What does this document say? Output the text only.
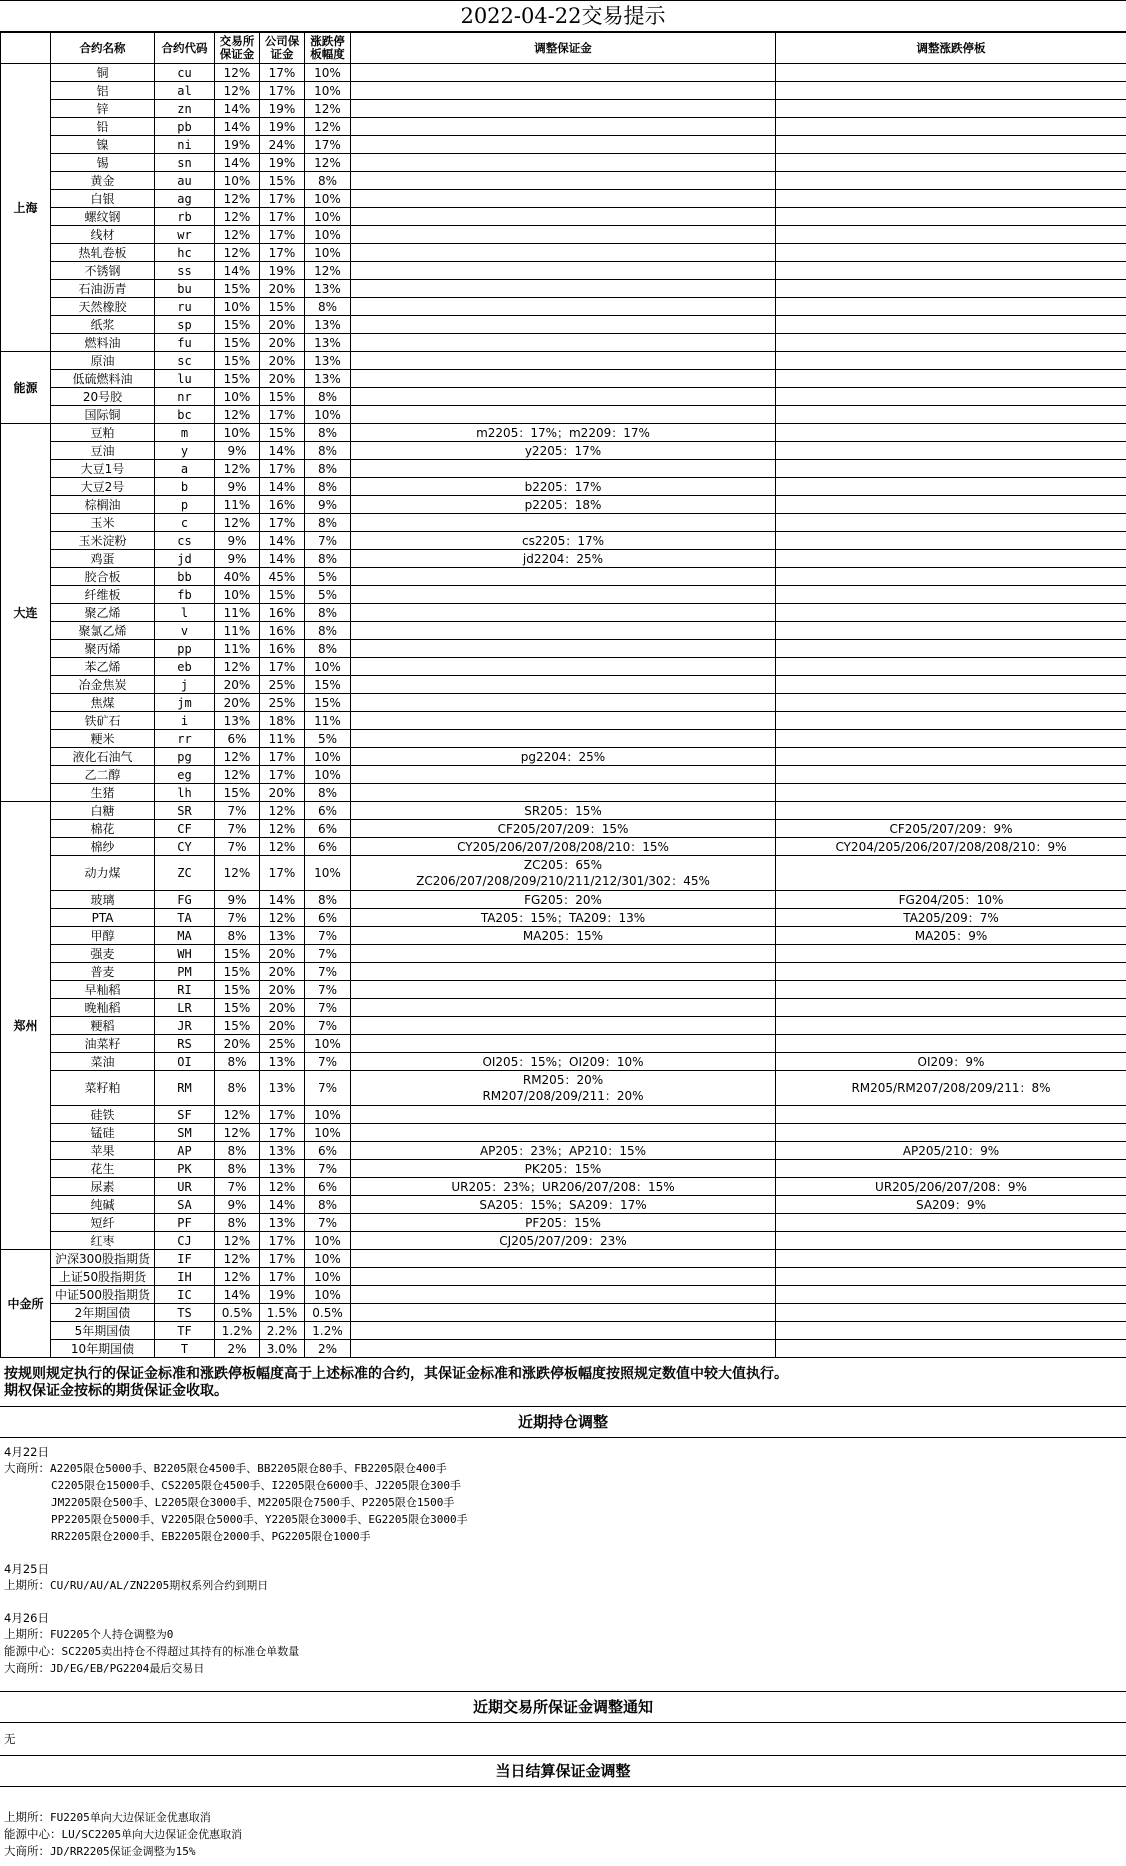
2022-04-22交易提示
	合约名称	合约代码	交易所保证金	公司保证金	涨跌停板幅度	调整保证金	调整涨跌停板
上海	铜	cu	12%	17%	10%		
	铝	al	12%	17%	10%		
	锌	zn	14%	19%	12%		
	铅	pb	14%	19%	12%		
	镍	ni	19%	24%	17%		
	锡	sn	14%	19%	12%		
	黄金	au	10%	15%	8%		
	白银	ag	12%	17%	10%		
	螺纹钢	rb	12%	17%	10%		
	线材	wr	12%	17%	10%		
	热轧卷板	hc	12%	17%	10%		
	不锈钢	ss	14%	19%	12%		
	石油沥青	bu	15%	20%	13%		
	天然橡胶	ru	10%	15%	8%		
	纸浆	sp	15%	20%	13%		
	燃料油	fu	15%	20%	13%		
能源	原油	sc	15%	20%	13%		
	低硫燃料油	lu	15%	20%	13%		
	20号胶	nr	10%	15%	8%		
	国际铜	bc	12%	17%	10%		
大连	豆粕	m	10%	15%	8%	m2205：17%；m2209：17%	

	豆油	y	9%	14%	8%	y2205：17%	

	大豆1号	a	12%	17%	8%		
	大豆2号	b	9%	14%	8%	b2205：17%	

	棕榈油	p	11%	16%	9%	p2205：18%	

	玉米	c	12%	17%	8%		
	玉米淀粉	cs	9%	14%	7%	cs2205：17%	

	鸡蛋	jd	9%	14%	8%	jd2204：25%	

	胶合板	bb	40%	45%	5%		
	纤维板	fb	10%	15%	5%		
	聚乙烯	l	11%	16%	8%		
	聚氯乙烯	v	11%	16%	8%		
	聚丙烯	pp	11%	16%	8%		
	苯乙烯	eb	12%	17%	10%		
	冶金焦炭	j	20%	25%	15%		
	焦煤	jm	20%	25%	15%		
	铁矿石	i	13%	18%	11%		
	粳米	rr	6%	11%	5%		
	液化石油气	pg	12%	17%	10%	pg2204：25%	

	乙二醇	eg	12%	17%	10%		
	生猪	lh	15%	20%	8%		
郑州	白糖	SR	7%	12%	6%	SR205：15%	

	棉花	CF	7%	12%	6%	CF205/207/209：15%	CF205/207/209：9%
	棉纱	CY	7%	12%	6%	CY205/206/207/208/208/210：15%	CY204/205/206/207/208/208/210：9%
	动力煤	ZC	12%	17%	10%	ZC205：65%
ZC206/207/208/209/210/211/212/301/302：45%	

	玻璃	FG	9%	14%	8%	FG205：20%	FG204/205：10%
	PTA	TA	7%	12%	6%	TA205：15%；TA209：13%	TA205/209：7%
	甲醇	MA	8%	13%	7%	MA205：15%	MA205：9%
	强麦	WH	15%	20%	7%		
	普麦	PM	15%	20%	7%		
	早籼稻	RI	15%	20%	7%		
	晚籼稻	LR	15%	20%	7%		
	粳稻	JR	15%	20%	7%		
	油菜籽	RS	20%	25%	10%		
	菜油	OI	8%	13%	7%	OI205：15%；OI209：10%	OI209：9%
	菜籽粕	RM	8%	13%	7%	RM205：20%
RM207/208/209/211：20%	RM205/RM207/208/209/211：8%
	硅铁	SF	12%	17%	10%		
	锰硅	SM	12%	17%	10%		
	苹果	AP	8%	13%	6%	AP205：23%；AP210：15%	AP205/210：9%
	花生	PK	8%	13%	7%	PK205：15%	

	尿素	UR	7%	12%	6%	UR205：23%；UR206/207/208：15%	UR205/206/207/208：9%
	纯碱	SA	9%	14%	8%	SA205：15%；SA209：17%	SA209：9%
	短纤	PF	8%	13%	7%	PF205：15%	

	红枣	CJ	12%	17%	10%	CJ205/207/209：23%	

中金所	沪深300股指期货	IF	12%	17%	10%		
	上证50股指期货	IH	12%	17%	10%		
	中证500股指期货	IC	14%	19%	10%		
	2年期国债	TS	0.5%	1.5%	0.5%		
	5年期国债	TF	1.2%	2.2%	1.2%		
	10年期国债	T	2%	3.0%	2%		
按规则规定执行的保证金标准和涨跌停板幅度高于上述标准的合约，其保证金标准和涨跌停板幅度按照规定数值中较大值执行。
期权保证金按标的期货保证金收取。
近期持仓调整
4月22日
大商所：A2205限仓5000手、B2205限仓4500手、BB2205限仓80手、FB2205限仓400手
C2205限仓15000手、CS2205限仓4500手、I2205限仓6000手、J2205限仓300手
JM2205限仓500手、L2205限仓3000手、M2205限仓7500手、P2205限仓1500手
PP2205限仓5000手、V2205限仓5000手、Y2205限仓3000手、EG2205限仓3000手
RR2205限仓2000手、EB2205限仓2000手、PG2205限仓1000手
4月25日
上期所：CU/RU/AU/AL/ZN2205期权系列合约到期日
4月26日
上期所：FU2205个人持仓调整为0
能源中心：SC2205卖出持仓不得超过其持有的标准仓单数量
大商所：JD/EG/EB/PG2204最后交易日
近期交易所保证金调整通知
无
当日结算保证金调整
上期所：FU2205单向大边保证金优惠取消
能源中心：LU/SC2205单向大边保证金优惠取消
大商所：JD/RR2205保证金调整为15%
